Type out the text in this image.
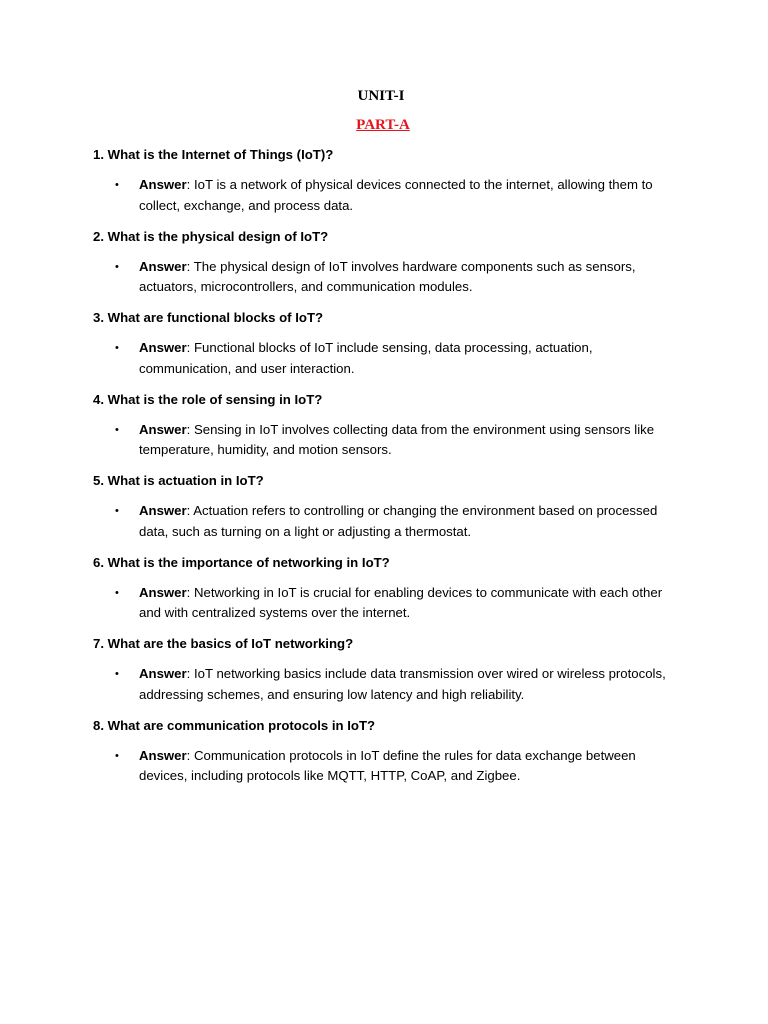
UNIT-I
PART-A

1. What is the Internet of Things (IoT)?

• Answer: IoT is a network of physical devices connected to the internet, allowing them to collect, exchange, and process data.

2. What is the physical design of IoT?

• Answer: The physical design of IoT involves hardware components such as sensors, actuators, microcontrollers, and communication modules.

3. What are functional blocks of IoT?

• Answer: Functional blocks of IoT include sensing, data processing, actuation, communication, and user interaction.

4. What is the role of sensing in IoT?

• Answer: Sensing in IoT involves collecting data from the environment using sensors like temperature, humidity, and motion sensors.

5. What is actuation in IoT?

• Answer: Actuation refers to controlling or changing the environment based on processed data, such as turning on a light or adjusting a thermostat.

6. What is the importance of networking in IoT?

• Answer: Networking in IoT is crucial for enabling devices to communicate with each other and with centralized systems over the internet.

7. What are the basics of IoT networking?

• Answer: IoT networking basics include data transmission over wired or wireless protocols, addressing schemes, and ensuring low latency and high reliability.

8. What are communication protocols in IoT?

• Answer: Communication protocols in IoT define the rules for data exchange between devices, including protocols like MQTT, HTTP, CoAP, and Zigbee.
